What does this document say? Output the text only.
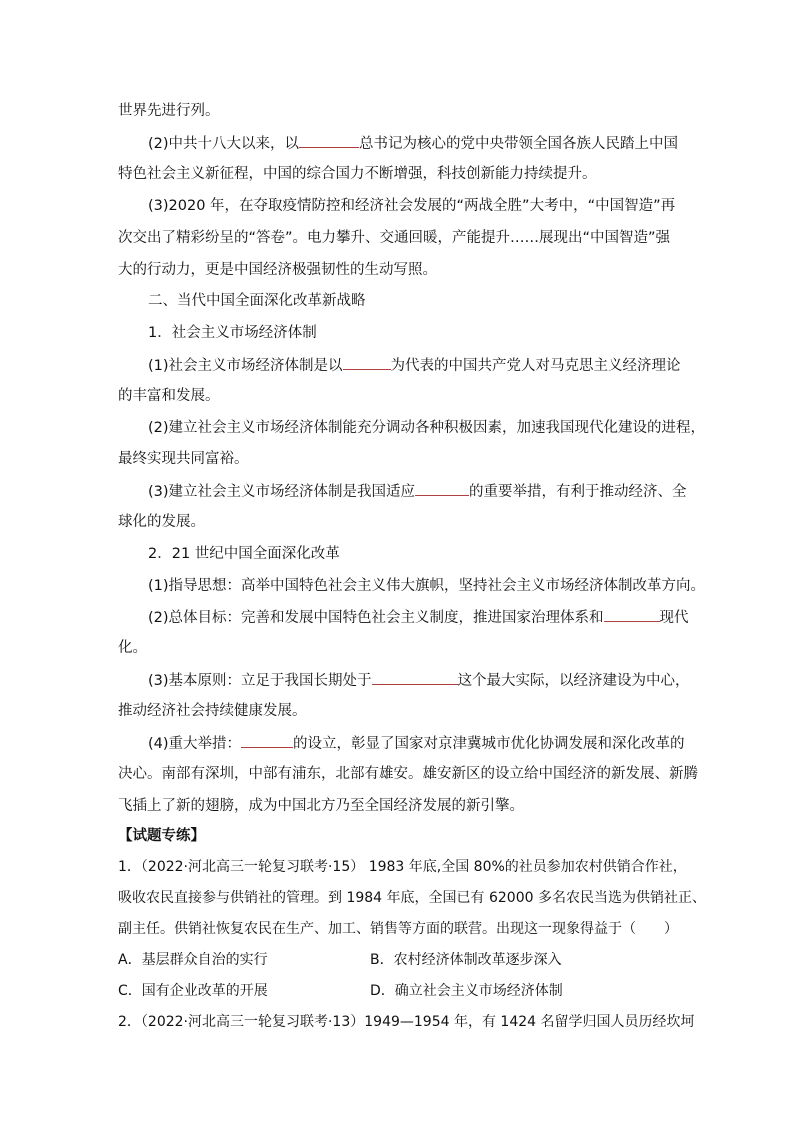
世界先进行列。
(2)中共十八大以来，以	总书记为核心的党中央带领全国各族人民踏上中国
特色社会主义新征程，中国的综合国力不断增强，科技创新能力持续提升。
(3)2020 年，在夺取疫情防控和经济社会发展的“两战全胜”大考中，“中国智造”再
次交出了精彩纷呈的“答卷”。电力攀升、交通回暖，产能提升……展现出“中国智造”强
大的行动力，更是中国经济极强韧性的生动写照。
二、当代中国全面深化改革新战略
1．社会主义市场经济体制
(1)社会主义市场经济体制是以	为代表的中国共产党人对马克思主义经济理论
的丰富和发展。
(2)建立社会主义市场经济体制能充分调动各种积极因素，加速我国现代化建设的进程，
最终实现共同富裕。
(3)建立社会主义市场经济体制是我国适应	的重要举措，有利于推动经济、全
球化的发展。
2．21 世纪中国全面深化改革
(1)指导思想：高举中国特色社会主义伟大旗帜，坚持社会主义市场经济体制改革方向。
(2)总体目标：完善和发展中国特色社会主义制度，推进国家治理体系和	现代
化。
(3)基本原则：立足于我国长期处于	这个最大实际，以经济建设为中心，
推动经济社会持续健康发展。
(4)重大举措：	的设立，彰显了国家对京津冀城市优化协调发展和深化改革的
决心。南部有深圳，中部有浦东，北部有雄安。雄安新区的设立给中国经济的新发展、新腾
飞插上了新的翅膀，成为中国北方乃至全国经济发展的新引擎。
【试题专练】
1．（2022·河北高三一轮复习联考·15） 1983 年底,全国 80%的社员参加农村供销合作社，
吸收农民直接参与供销社的管理。到 1984 年底，全国已有 62000 多名农民当选为供销社正、
副主任。供销社恢复农民在生产、加工、销售等方面的联营。出现这一现象得益于（　　）
A．基层群众自治的实行	B．农村经济体制改革逐步深入
C．国有企业改革的开展	D．确立社会主义市场经济体制
2．（2022·河北高三一轮复习联考·13）1949—1954 年，有 1424 名留学归国人员历经坎坷
